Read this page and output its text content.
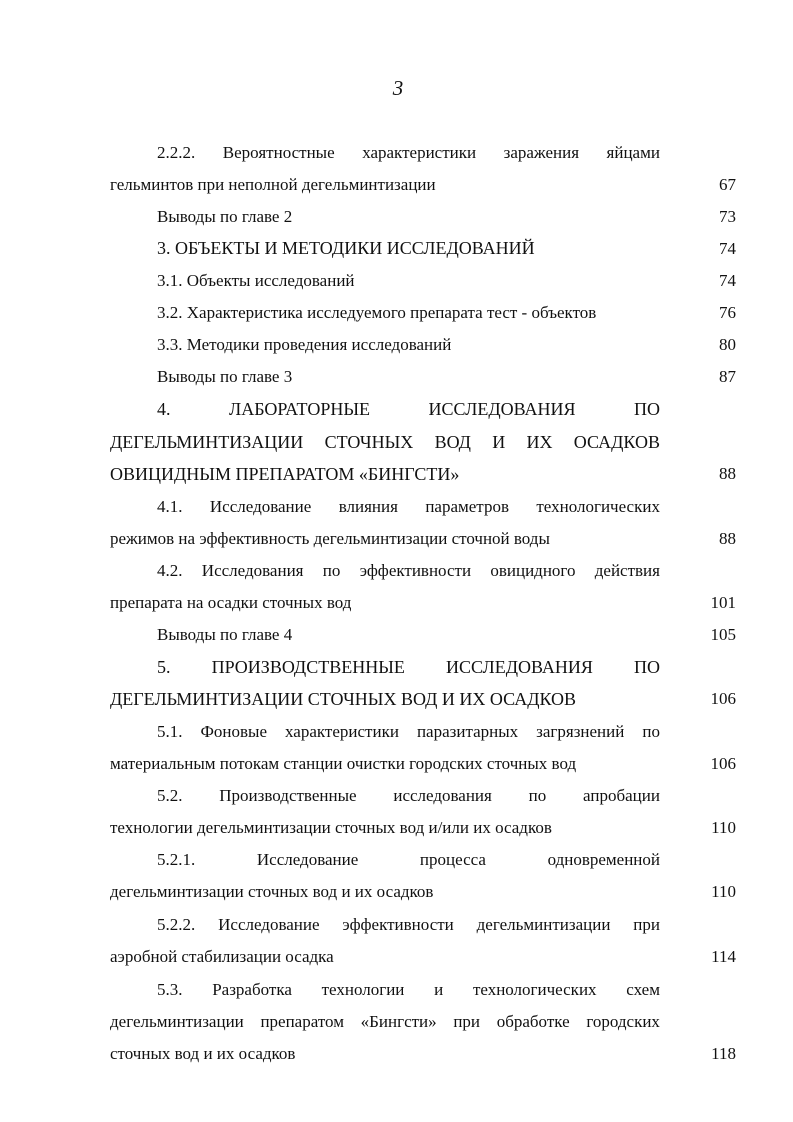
3
2.2.2. Вероятностные характеристики заражения яйцами
гельминтов при неполной дегельминтизации	67
Выводы по главе 2	73
3. ОБЪЕКТЫ И МЕТОДИКИ ИССЛЕДОВАНИЙ	74
3.1. Объекты исследований	74
3.2. Характеристика исследуемого препарата тест - объектов	76
3.3. Методики проведения исследований	80
Выводы по главе 3	87
4.	ЛАБОРАТОРНЫЕ	ИССЛЕДОВАНИЯ	ПО
ДЕГЕЛЬМИНТИЗАЦИИ СТОЧНЫХ ВОД И ИХ ОСАДКОВ
ОВИЦИДНЫМ ПРЕПАРАТОМ «БИНГСТИ»	88
4.1. Исследование влияния параметров технологических
режимов на эффективность дегельминтизации сточной воды	88
4.2. Исследования по эффективности овицидного действия
препарата на осадки сточных вод	101
Выводы по главе 4	105
5. ПРОИЗВОДСТВЕННЫЕ ИССЛЕДОВАНИЯ ПО
ДЕГЕЛЬМИНТИЗАЦИИ СТОЧНЫХ ВОД И ИХ ОСАДКОВ	106
5.1. Фоновые характеристики паразитарных загрязнений по
материальным потокам станции очистки городских сточных вод	106
5.2. Производственные исследования по апробации
технологии дегельминтизации сточных вод и/или их осадков	110
5.2.1.	Исследование	процесса	одновременной
дегельминтизации сточных вод и их осадков	110
5.2.2. Исследование эффективности дегельминтизации при
аэробной стабилизации осадка	114
5.3. Разработка технологии и технологических схем
дегельминтизации препаратом «Бингсти» при обработке городских
сточных вод и их осадков	118
